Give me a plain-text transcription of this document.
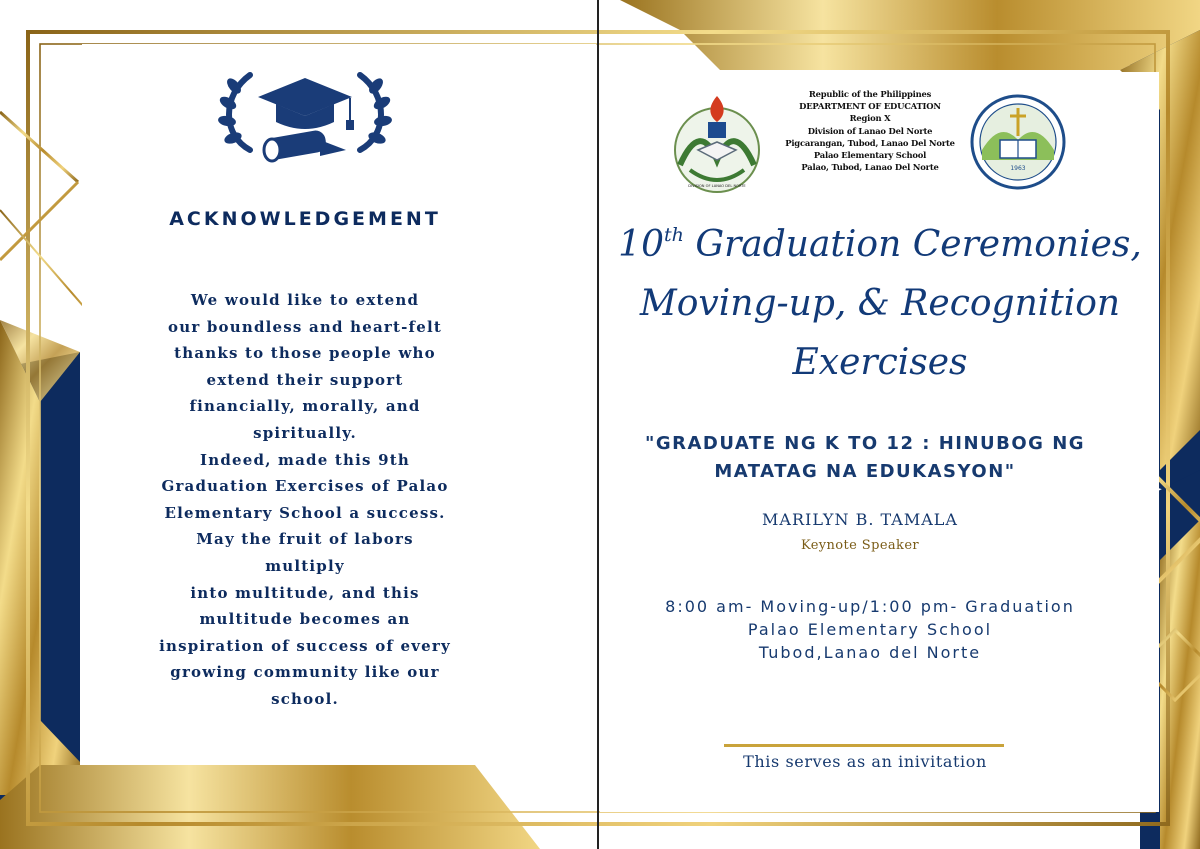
DIVISION OF LANAO DEL NORTE
1963
ACKNOWLEDGEMENT
We would like to extend
our boundless and heart-felt
thanks to those people who
extend their support
financially, morally, and
spiritually.
Indeed, made this 9th
Graduation Exercises of Palao
Elementary School a success.
May the fruit of labors
multiply
into multitude, and this
multitude becomes an
inspiration of success of every
growing community like our
school.
Republic of the Philippines
DEPARTMENT OF EDUCATION
Region X
Division of Lanao Del Norte
Pigcarangan, Tubod, Lanao Del Norte
Palao Elementary School
Palao, Tubod, Lanao Del Norte
10th Graduation Ceremonies,
Moving-up, & Recognition
Exercises
"GRADUATE NG K TO 12 : HINUBOG NG
MATATAG NA EDUKASYON"
MARILYN B. TAMALA
Keynote Speaker
8:00 am- Moving-up/1:00 pm- Graduation
Palao Elementary School
Tubod,Lanao del Norte
This serves as an inivitation
